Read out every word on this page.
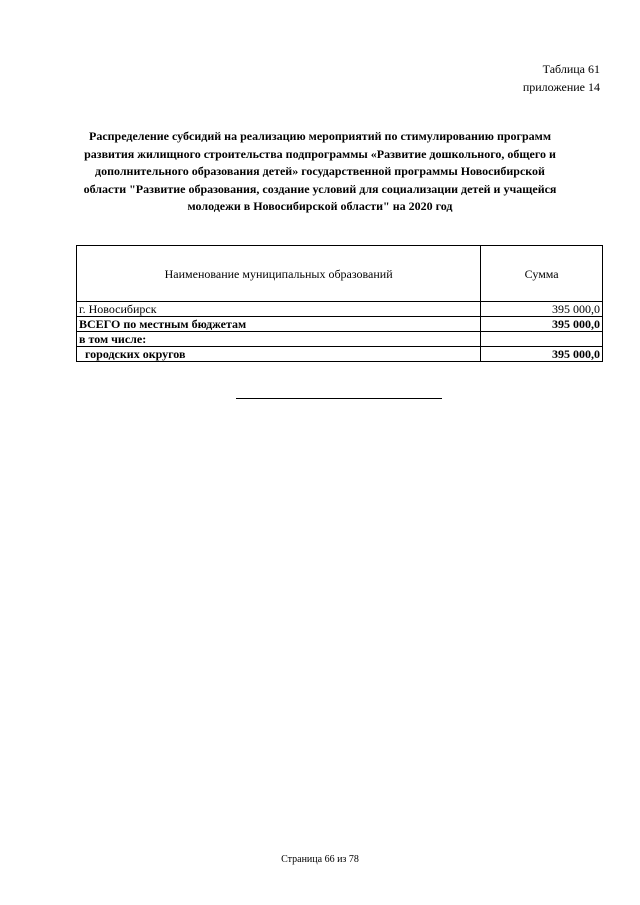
Таблица 61
приложение 14
Распределение субсидий на реализацию мероприятий по стимулированию программ развития жилищного строительства подпрограммы «Развитие дошкольного, общего и дополнительного образования детей» государственной программы Новосибирской области "Развитие образования, создание условий для социализации детей и учащейся молодежи в Новосибирской области" на 2020 год
Наименование муниципальных образований	Сумма
г. Новосибирск	395 000,0
ВСЕГО по местным бюджетам	395 000,0
в том числе:	
городских округов	395 000,0
Страница 66 из 78
